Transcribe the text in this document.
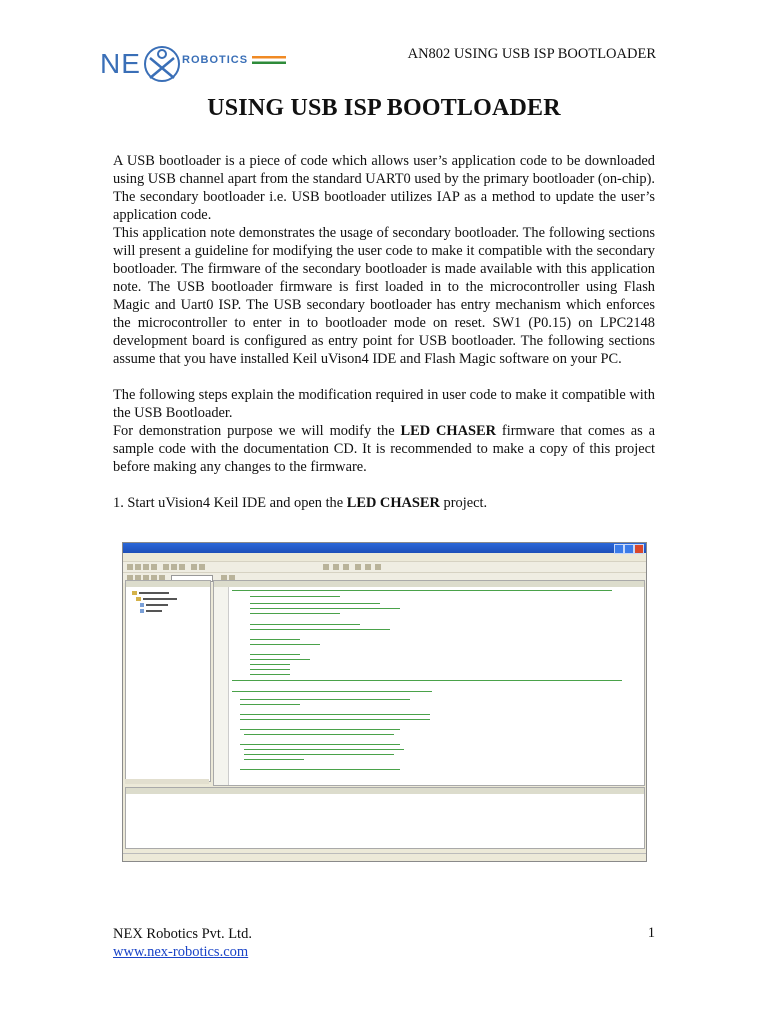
NE	ROBOTICS	AN802 USING USB ISP BOOTLOADER
USING USB ISP BOOTLOADER

A USB bootloader is a piece of code which allows user’s application code to be downloaded using USB channel apart from the standard UART0 used by the primary bootloader (on-chip). The secondary bootloader i.e. USB bootloader utilizes IAP as a method to update the user’s application code.

This application note demonstrates the usage of secondary bootloader. The following sections will present a guideline for modifying the user code to make it compatible with the secondary bootloader. The firmware of the secondary bootloader is made available with this application note. The USB bootloader firmware is first loaded in to the microcontroller using Flash Magic and Uart0 ISP. The USB secondary bootloader has entry mechanism which enforces the microcontroller to enter in to bootloader mode on reset. SW1 (P0.15) on LPC2148 development board is configured as entry point for USB bootloader. The following sections assume that you have installed Keil uVison4 IDE and Flash Magic software on your PC.

The following steps explain the modification required in user code to make it compatible with the USB Bootloader.

For demonstration purpose we will modify the LED CHASER firmware that comes as a sample code with the documentation CD. It is recommended to make a copy of this project before making any changes to the firmware.

1. Start uVision4 Keil IDE and open the LED CHASER project.

NEX Robotics Pvt. Ltd.
www.nex-robotics.com
1
